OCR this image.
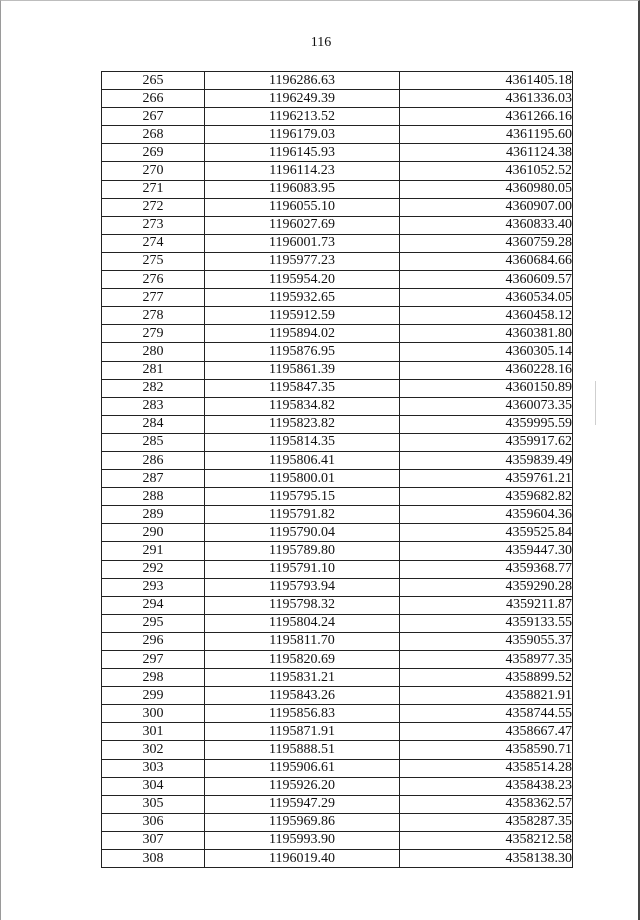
116
265	1196286.63	4361405.18
266	1196249.39	4361336.03
267	1196213.52	4361266.16
268	1196179.03	4361195.60
269	1196145.93	4361124.38
270	1196114.23	4361052.52
271	1196083.95	4360980.05
272	1196055.10	4360907.00
273	1196027.69	4360833.40
274	1196001.73	4360759.28
275	1195977.23	4360684.66
276	1195954.20	4360609.57
277	1195932.65	4360534.05
278	1195912.59	4360458.12
279	1195894.02	4360381.80
280	1195876.95	4360305.14
281	1195861.39	4360228.16
282	1195847.35	4360150.89
283	1195834.82	4360073.35
284	1195823.82	4359995.59
285	1195814.35	4359917.62
286	1195806.41	4359839.49
287	1195800.01	4359761.21
288	1195795.15	4359682.82
289	1195791.82	4359604.36
290	1195790.04	4359525.84
291	1195789.80	4359447.30
292	1195791.10	4359368.77
293	1195793.94	4359290.28
294	1195798.32	4359211.87
295	1195804.24	4359133.55
296	1195811.70	4359055.37
297	1195820.69	4358977.35
298	1195831.21	4358899.52
299	1195843.26	4358821.91
300	1195856.83	4358744.55
301	1195871.91	4358667.47
302	1195888.51	4358590.71
303	1195906.61	4358514.28
304	1195926.20	4358438.23
305	1195947.29	4358362.57
306	1195969.86	4358287.35
307	1195993.90	4358212.58
308	1196019.40	4358138.30
